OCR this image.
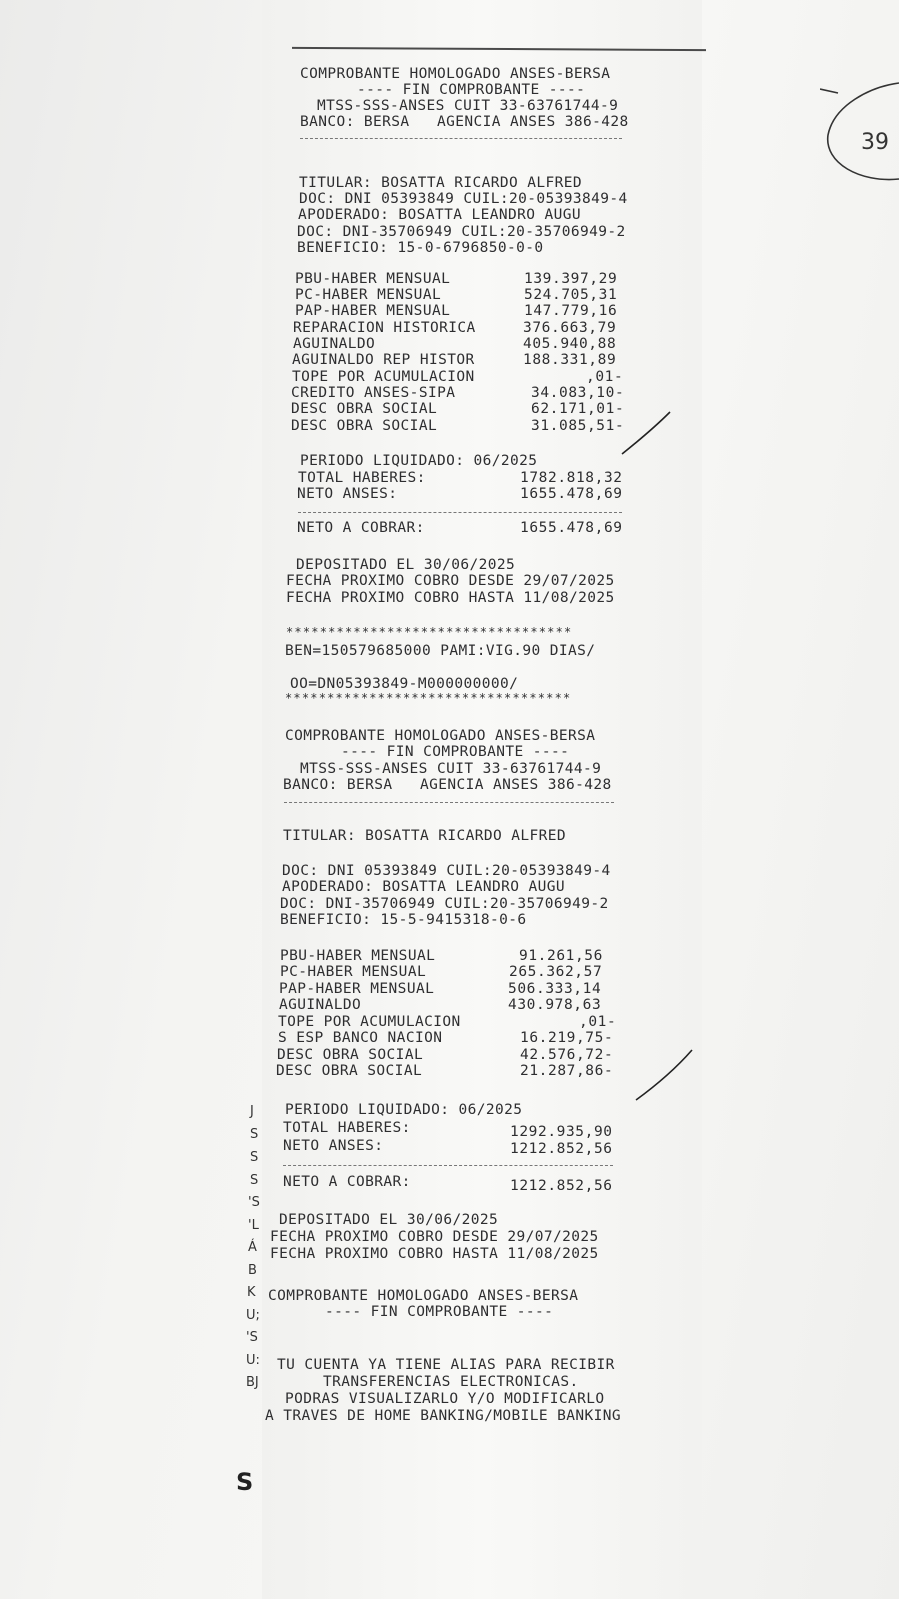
39
COMPROBANTE HOMOLOGADO ANSES-BERSA
---- FIN COMPROBANTE ----
MTSS-SSS-ANSES CUIT 33-63761744-9
BANCO: BERSA   AGENCIA ANSES 386-428
TITULAR: BOSATTA RICARDO ALFRED
DOC: DNI 05393849 CUIL:20-05393849-4
APODERADO: BOSATTA LEANDRO AUGU
DOC: DNI-35706949 CUIL:20-35706949-2
BENEFICIO: 15-0-6796850-0-0
PBU-HABER MENSUAL	139.397,29
PC-HABER MENSUAL	524.705,31
PAP-HABER MENSUAL	147.779,16
REPARACION HISTORICA	376.663,79
AGUINALDO	405.940,88
AGUINALDO REP HISTOR	188.331,89
TOPE POR ACUMULACION	,01-
CREDITO ANSES-SIPA	34.083,10-
DESC OBRA SOCIAL	62.171,01-
DESC OBRA SOCIAL	31.085,51-
PERIODO LIQUIDADO: 06/2025
TOTAL HABERES:	1782.818,32
NETO ANSES:	1655.478,69
NETO A COBRAR:	1655.478,69
DEPOSITADO EL 30/06/2025
FECHA PROXIMO COBRO DESDE 29/07/2025
FECHA PROXIMO COBRO HASTA 11/08/2025
**********************************
BEN=150579685000 PAMI:VIG.90 DIAS/
OO=DN05393849-M000000000/
**********************************
COMPROBANTE HOMOLOGADO ANSES-BERSA
---- FIN COMPROBANTE ----
MTSS-SSS-ANSES CUIT 33-63761744-9
BANCO: BERSA   AGENCIA ANSES 386-428
TITULAR: BOSATTA RICARDO ALFRED
DOC: DNI 05393849 CUIL:20-05393849-4
APODERADO: BOSATTA LEANDRO AUGU
DOC: DNI-35706949 CUIL:20-35706949-2
BENEFICIO: 15-5-9415318-0-6
PBU-HABER MENSUAL	91.261,56
PC-HABER MENSUAL	265.362,57
PAP-HABER MENSUAL	506.333,14
AGUINALDO	430.978,63
TOPE POR ACUMULACION	,01-
S ESP BANCO NACION	16.219,75-
DESC OBRA SOCIAL	42.576,72-
DESC OBRA SOCIAL	21.287,86-
PERIODO LIQUIDADO: 06/2025
TOTAL HABERES:	1292.935,90
NETO ANSES:	1212.852,56
NETO A COBRAR:	1212.852,56
DEPOSITADO EL 30/06/2025
FECHA PROXIMO COBRO DESDE 29/07/2025
FECHA PROXIMO COBRO HASTA 11/08/2025
COMPROBANTE HOMOLOGADO ANSES-BERSA
---- FIN COMPROBANTE ----
TU CUENTA YA TIENE ALIAS PARA RECIBIR
TRANSFERENCIAS ELECTRONICAS.
PODRAS VISUALIZARLO Y/O MODIFICARLO
A TRAVES DE HOME BANKING/MOBILE BANKING
J
S
S
S
'S
'L
Á
B
K
U;
'S
U:
BJ
S
